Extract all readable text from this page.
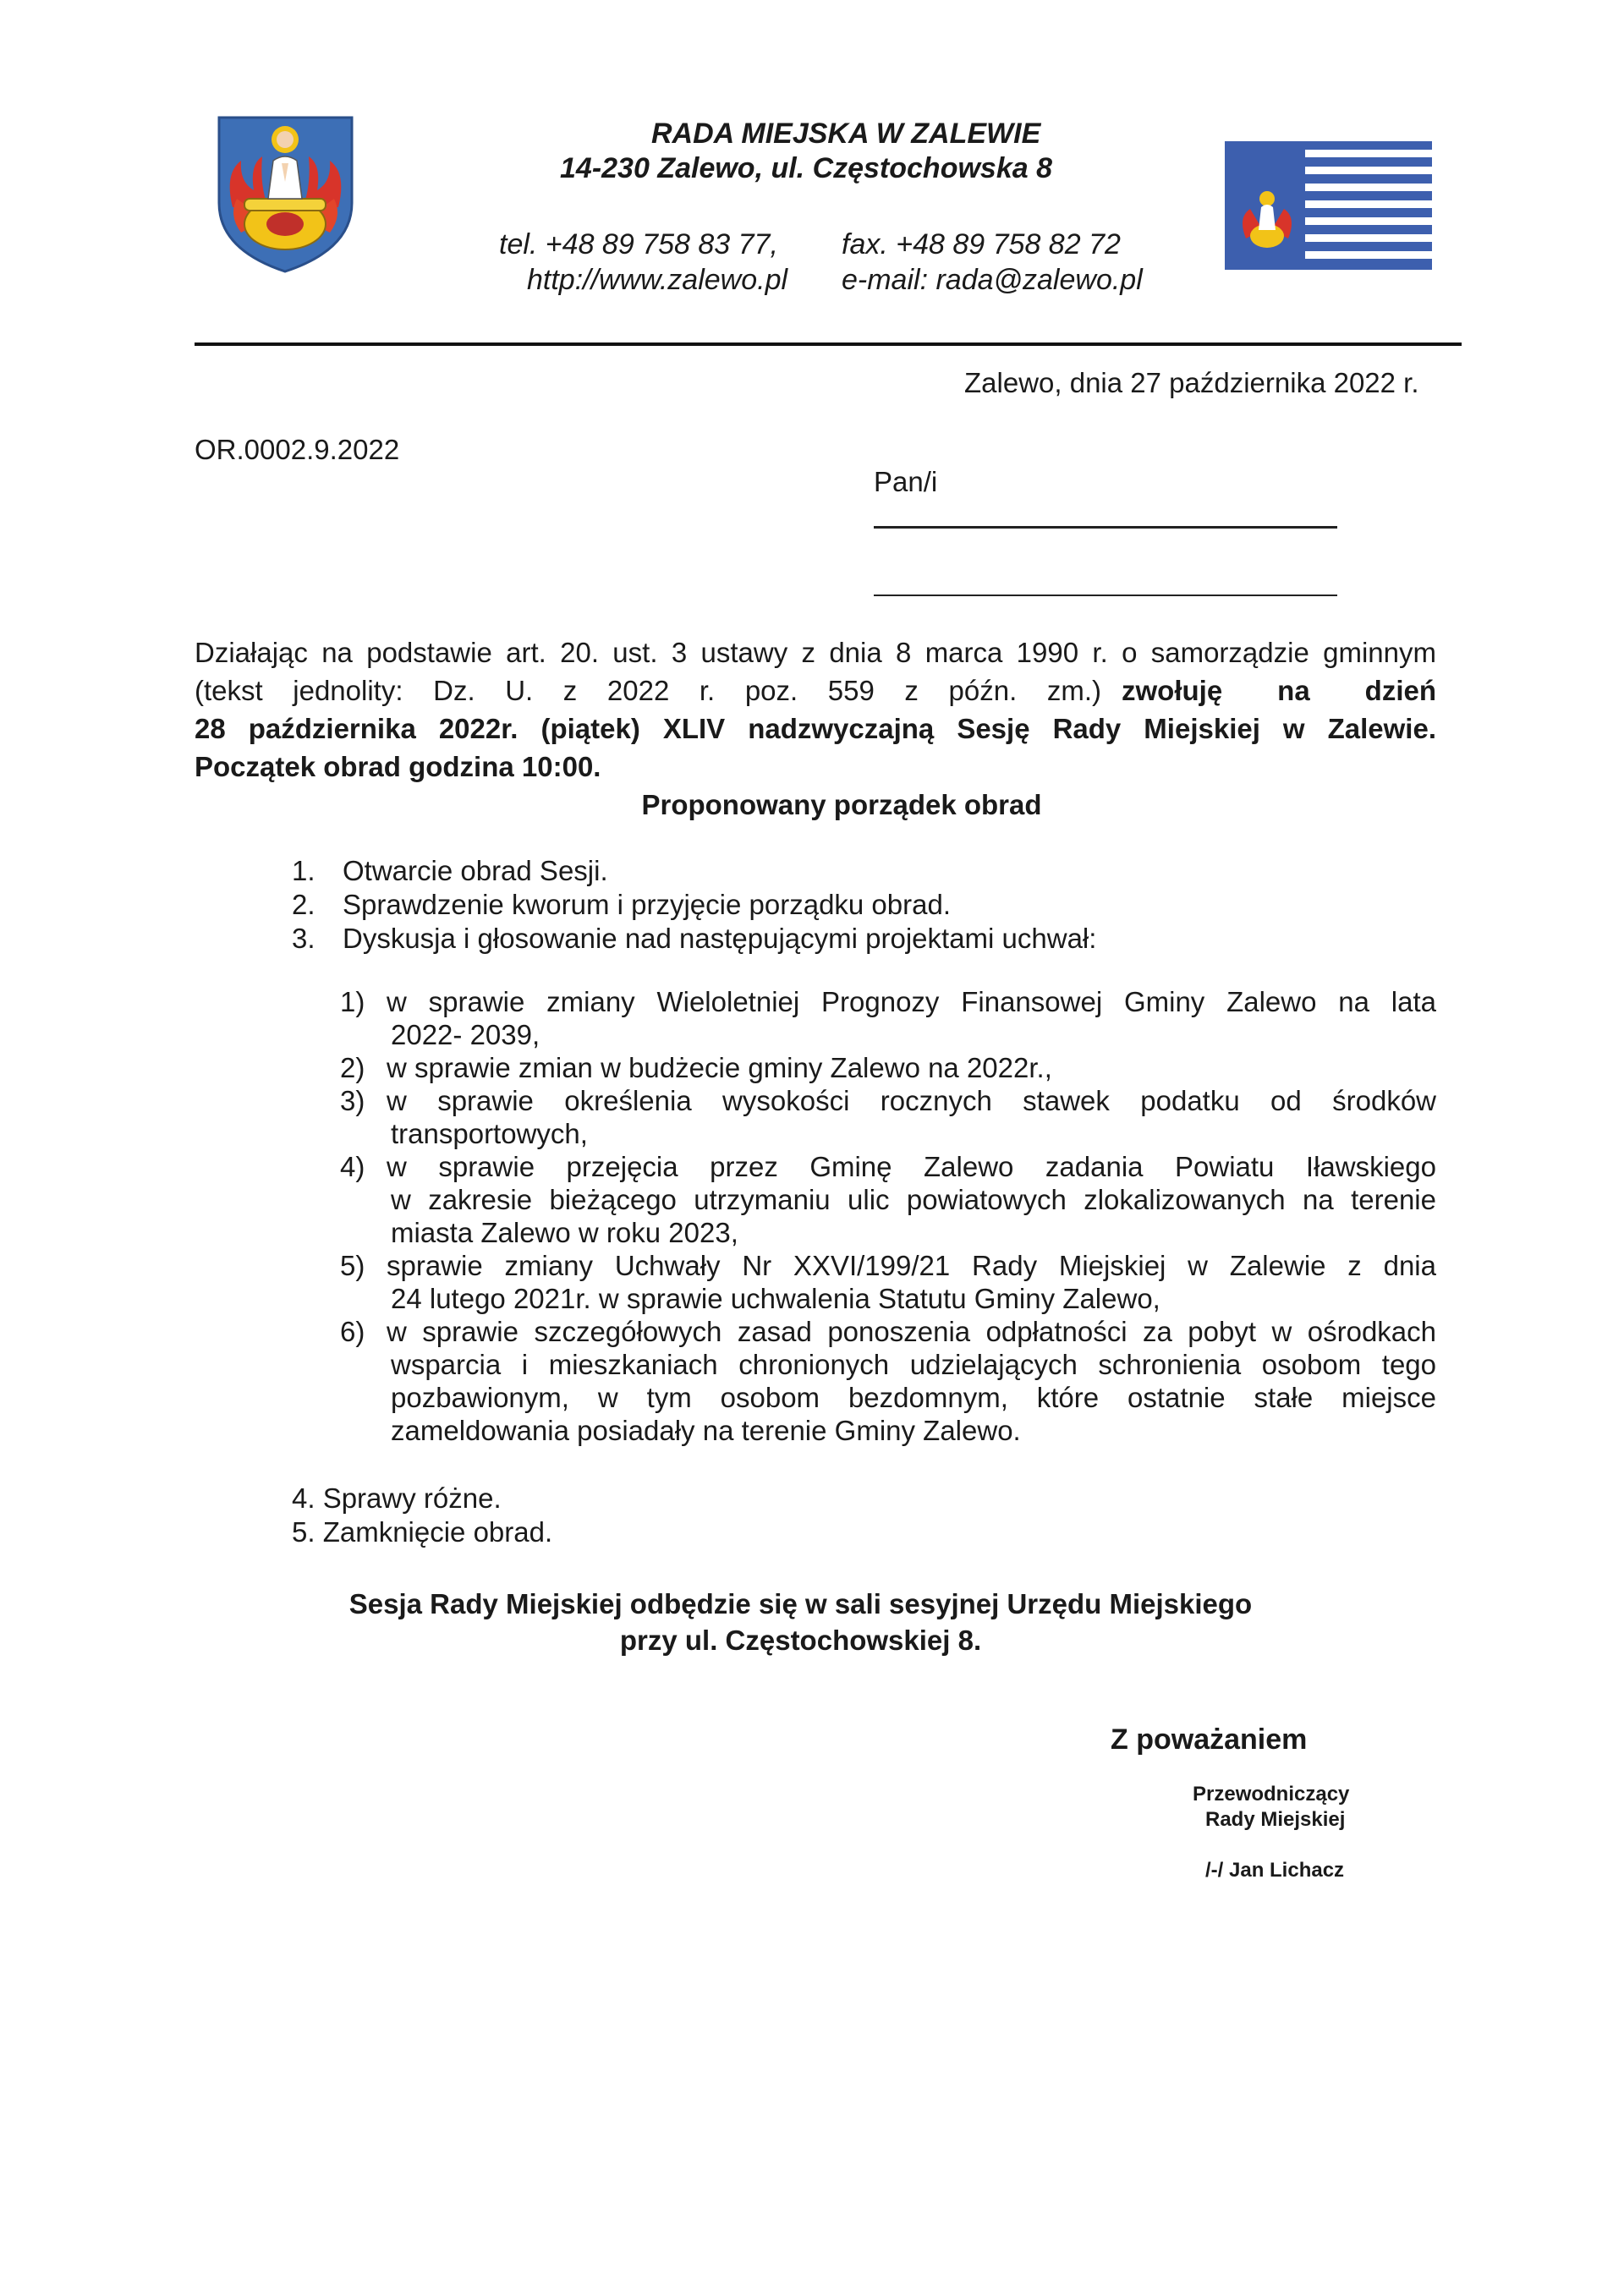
RADA MIEJSKA W ZALEWIE
14-230 Zalewo, ul. Częstochowska 8
tel. +48 89 758 83 77, fax. +48 89 758 82 72
http://www.zalewo.pl e-mail: rada@zalewo.pl
Zalewo, dnia 27 października 2022 r.
OR.0002.9.2022
Pan/i
Działając na podstawie art. 20. ust. 3 ustawy z dnia 8 marca 1990 r. o samorządzie gminnym
(tekst jednolity: Dz. U. z 2022 r. poz. 559 z późn. zm.) zwołuję na dzień
28 października 2022r. (piątek) XLIV nadzwyczajną Sesję Rady Miejskiej w Zalewie.
Początek obrad godzina 10:00.
Proponowany porządek obrad
1. Otwarcie obrad Sesji.
2. Sprawdzenie kworum i przyjęcie porządku obrad.
3. Dyskusja i głosowanie nad następującymi projektami uchwał:
1) w sprawie zmiany Wieloletniej Prognozy Finansowej Gminy Zalewo na lata
2022- 2039,
2) w sprawie zmian w budżecie gminy Zalewo na 2022r.,
3) w sprawie określenia wysokości rocznych stawek podatku od środków
transportowych,
4) w sprawie przejęcia przez Gminę Zalewo zadania Powiatu Iławskiego
w zakresie bieżącego utrzymaniu ulic powiatowych zlokalizowanych na terenie
miasta Zalewo w roku 2023,
5) sprawie zmiany Uchwały Nr XXVI/199/21 Rady Miejskiej w Zalewie z dnia
24 lutego 2021r. w sprawie uchwalenia Statutu Gminy Zalewo,
6) w sprawie szczegółowych zasad ponoszenia odpłatności za pobyt w ośrodkach
wsparcia i mieszkaniach chronionych udzielających schronienia osobom tego
pozbawionym, w tym osobom bezdomnym, które ostatnie stałe miejsce
zameldowania posiadały na terenie Gminy Zalewo.
4. Sprawy różne.
5. Zamknięcie obrad.
Sesja Rady Miejskiej odbędzie się w sali sesyjnej Urzędu Miejskiego
przy ul. Częstochowskiej 8.
Z poważaniem
Przewodniczący
Rady Miejskiej
/-/ Jan Lichacz
